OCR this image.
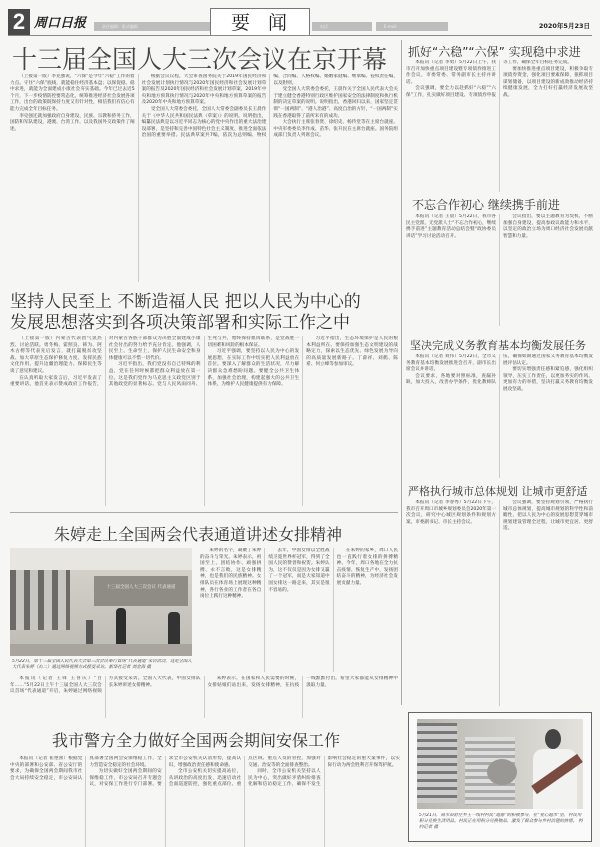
2 周口日报	责任编辑 · 版式编辑	要闻	电话	E-mail	2020年5月23日
十三届全国人大三次会议在京开幕

（上接第一版）李克强说，“六保”是今年“六稳”工作的着力点。守住“六保”底线，就能稳住经济基本盘；以保促稳、稳中求进，就能为全面建成小康社会夯实基础。今年已过去近5个月，下一步疫情防控要常态化，统筹推进经济社会发展各项工作，出台的政策既保持力度又有针对性，相信我们有信心有能力完成全年目标任务。

李克强还就加强政府自身建设、民族、宗教和侨务工作，国防和军队建设，港澳、台湾工作，以及我国外交政策作了阐述。

根据会议议程，大会审查国务院关于2019年国民经济和社会发展计划执行情况与2020年国民经济和社会发展计划草案的报告及2020年国民经济和社会发展计划草案，2019年中央和地方预算执行情况与2020年中央和地方预算草案的报告及2020年中央和地方预算草案。

受全国人大常委会委托，全国人大常委会副委员长王晨作关于《中华人民共和国民法典（草案）》的说明。说明指出，编纂民法典是以习近平同志为核心的党中央作出的重大法治建设部署，是坚持和完善中国特色社会主义制度、推进全面依法治国的重要举措。民法典草案共7编，依次为总则编、物权编、合同编、人格权编、婚姻家庭编、继承编、侵权责任编，以及附则。

受全国人大常委会委托，王晨作关于全国人民代表大会关于建立健全香港特别行政区维护国家安全的法律制度和执行机制的决定草案的说明。说明指出，香港回归以来，国家坚定贯彻“一国两制”、“港人治港”、高度自治的方针，“一国两制”实践在香港取得了前所未有的成功。

大会执行主席张春贤、徐绍史、杨传堂等在主席台就座。中央军委委员李作成、苗华、张升民在主席台就座。国务院组成部门负责人列席会议。

坚持人民至上 不断造福人民 把以人民为中心的
发展思想落实到各项决策部署和实际工作之中

（上接第一版）内蒙古代表团气氛热烈、讨论活跃。勇冬梅、霍照良、韩为、阿木古楞等代表先后发言，就打赢脱贫攻坚战、加大草原生态保护修复力度、发挥民族文化作用、提升边疆治理能力、保障民生等谈了意见和建议。

在认真听取大家发言后，习近平发表了重要讲话。他首先表示赞成政府工作报告，对内蒙古各族干部群众为决胜全面建成小康社会付出的努力给予充分肯定。他强调，人民至上、生命至上，保护人民生命安全和身体健康可以不惜一切代价。

习近平指出，我们党没有自己特殊的利益，党在任何时候都把群众利益放在第一位。这是我们党作为马克思主义政党区别于其他政党的显著标志。党与人民风雨同舟、生死与共，始终保持血肉联系，是党战胜一切困难和风险的根本保证。

习近平强调，要坚持以人民为中心的发展思想，在实际工作中切实把人民利益放在首位。要深入了解群众的生活状况，尽力解决群众急难愁盼问题。要健全公共卫生体系，加强社会治理，构建起强大的公共卫生体系，为维护人民健康提供有力保障。

习近平指出，生态环境保护是人民的根本利益所在。要保持加强生态文明建设的战略定力，探索以生态优先、绿色发展为导向的高质量发展新路子。丁薛祥、刘鹤、陈希、何立峰等参加审议。

朱婷走上全国两会代表通道讲述女排精神
十三届全国人大三次会议 代表通道
5月22日，第十三届全国人民代表大会第三次会议举行首场“代表通道”采访活动，这是全国人大代表朱婷（右二）通过网络视频方式接受采访。新华社记者 刘金海 摄

朱婷的名字，凝聚了朱婷的奋斗与荣光。朱婷表示，祖国至上、团结协作、顽强拼搏、永不言败，这是女排精神，也是我们的民族精神。女排队员在体育场上展现这种精神，各行各业的工作者在各自岗位上践行这种精神。

去年，中国女排以全胜战绩卫冕世界杯冠军，得到了全国人民的赞誉和祝贺。朱婷认为，这不仅仅是因为女排又赢了一个冠军，而是大家知道中国女排这一路走来，其实是很不容易的。

在朱婷的家乡，周口人民也一直践行着女排的拼搏精神。今年，周口各地在全力抗击疫情、恢复生产中，发扬团结奋斗的精神，为经济社会发展贡献力量。

本报讯（记者 王锋 王喜庆）“百年……”5月22日上午十三届全国人大三次会议首场“代表通道”开启，朱婷通过网络视频方式接受采访。全国人大代表、中国女排队长朱婷讲述女排精神。

朱婷表示，在国家和人民需要的时候，女排姑娘们站出来，发扬女排精神，在抗疫一线默默付出。希望大家都能从女排精神中汲取力量。

我市警方全力做好全国两会期间安保工作

本报讯（记者 崔艳蕾）根据党中央的部署和公安部、省公安厅的要求，为确保全国两会期间我市社会大局持续安全稳定，市公安局认真部署全国两会安保维稳工作，全力营造安全稳定的社会环境。

为切实做好全国两会期间的安保维稳工作，市公安局召开专题会议，对安保工作进行专门部署。要求全市公安机关认清形势，提高认识，增强政治责任感和使命感。

全市公安机关切实提高站位，从讲政治的高度出发，迅速启动社会面巡逻防控，强化重点部位、重点区域、重点人员的管控，加强对交通、治安等的全面排查整治。

同时，全市公安机关坚持以人民为中心，突出做好矛盾纠纷排查化解和信访稳定工作，确保不发生影响社会稳定的重大案事件，以实际行动为两会胜利召开保驾护航。

抓好“六稳”“六保” 实现稳中求进

本报讯（记者 李勇）5月22日上午，我市召开加快重点项目建设暨专项债券推进工作会议，市委常委、常务副市长主持并讲话。

会议强调，要全力以赴抓好“六稳”“六保”工作，扎实做好项目建设、专项债券申报等工作，确保全年目标任务完成。

要加快推进重点项目建设，积极争取专项债券资金，强化项目要素保障，狠抓项目谋划储备，以项目建设的新成效推动经济持续健康发展，全力打好打赢经济发展攻坚战。

不忘合作初心 继续携手前进

本报讯（记者 王晨）5月22日，我市各民主党派、无党派人士“不忘合作初心，继续携手前进”主题教育活动总结会暨“政协委员讲话”学习讨论活动召开。

会议指出，要以主题教育为契机，不断加强自身建设，提高参政议政能力和水平，以坚定的政治立场为周口经济社会发展贡献智慧和力量。

坚决完成义务教育基本均衡发展任务

本报讯（记者 刘伟）5月22日，全市义务教育基本均衡发展推进会召开，副市长出席会议并讲话。

会议要求，各地要对照标准，查漏补缺，加大投入，改善办学条件，优化教师队伍，确保如期通过国家义务教育基本均衡发展评估认定。

要切实增强责任感和紧迫感，强化组织领导，压实工作责任，以更加务实的作风、更加有力的举措，坚决打赢义务教育均衡发展攻坚战。

严格执行城市总体规划 让城市更舒适

本报讯（记者 李春秀）5月22日下午，我市召开周口市城乡规划委员会2020年第一次会议，研究中心城区规划条件和规划方案。市委副书记、市长主持会议。

会议强调，要坚持规划引领，严格执行城市总体规划，提高城市规划的科学性和前瞻性，把以人民为中心的发展思想贯穿城市规划建设管理全过程，让城市更宜居、更舒适。

5月21日，商水县舒庄乡王一线村村民“道德”的积极参与，在“爱心超市”里，村民用积分兑换生活用品。村民正在用积分兑换物品，激发了群众参与乡村治理的热情。 特约记者 摄
